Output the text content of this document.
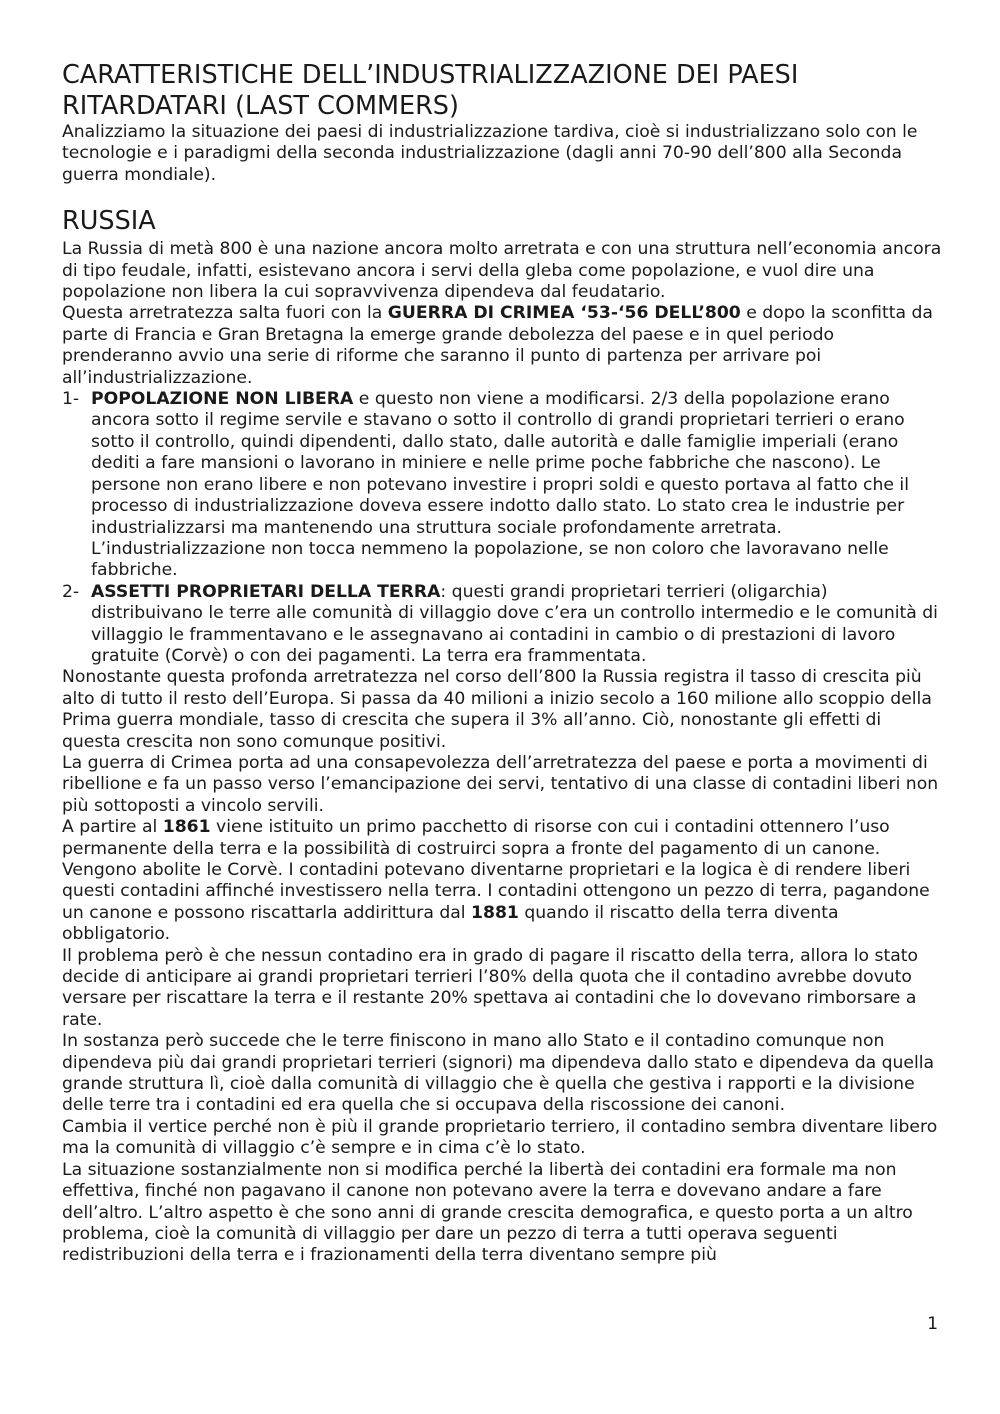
CARATTERISTICHE DELL’INDUSTRIALIZZAZIONE DEI PAESI RITARDATARI (LAST COMMERS)

Analizziamo la situazione dei paesi di industrializzazione tardiva, cioè si industrializzano solo con le tecnologie e i paradigmi della seconda industrializzazione (dagli anni 70-90 dell’800 alla Seconda guerra mondiale).

RUSSIA

La Russia di metà 800 è una nazione ancora molto arretrata e con una struttura nell’economia ancora di tipo feudale, infatti, esistevano ancora i servi della gleba come popolazione, e vuol dire una popolazione non libera la cui sopravvivenza dipendeva dal feudatario.

Questa arretratezza salta fuori con la GUERRA DI CRIMEA ‘53-‘56 DELL’800 e dopo la sconfitta da parte di Francia e Gran Bretagna la emerge grande debolezza del paese e in quel periodo prenderanno avvio una serie di riforme che saranno il punto di partenza per arrivare poi all’industrializzazione.

1- POPOLAZIONE NON LIBERA e questo non viene a modificarsi. 2/3 della popolazione erano ancora sotto il regime servile e stavano o sotto il controllo di grandi proprietari terrieri o erano sotto il controllo, quindi dipendenti, dallo stato, dalle autorità e dalle famiglie imperiali (erano dediti a fare mansioni o lavorano in miniere e nelle prime poche fabbriche che nascono). Le persone non erano libere e non potevano investire i propri soldi e questo portava al fatto che il processo di industrializzazione doveva essere indotto dallo stato. Lo stato crea le industrie per industrializzarsi ma mantenendo una struttura sociale profondamente arretrata. L’industrializzazione non tocca nemmeno la popolazione, se non coloro che lavoravano nelle fabbriche.
2- ASSETTI PROPRIETARI DELLA TERRA: questi grandi proprietari terrieri (oligarchia) distribuivano le terre alle comunità di villaggio dove c’era un controllo intermedio e le comunità di villaggio le frammentavano e le assegnavano ai contadini in cambio o di prestazioni di lavoro gratuite (Corvè) o con dei pagamenti. La terra era frammentata.

Nonostante questa profonda arretratezza nel corso dell’800 la Russia registra il tasso di crescita più alto di tutto il resto dell’Europa. Si passa da 40 milioni a inizio secolo a 160 milione allo scoppio della Prima guerra mondiale, tasso di crescita che supera il 3% all’anno. Ciò, nonostante gli effetti di questa crescita non sono comunque positivi.

La guerra di Crimea porta ad una consapevolezza dell’arretratezza del paese e porta a movimenti di ribellione e fa un passo verso l’emancipazione dei servi, tentativo di una classe di contadini liberi non più sottoposti a vincolo servili.

A partire al 1861 viene istituito un primo pacchetto di risorse con cui i contadini ottennero l’uso permanente della terra e la possibilità di costruirci sopra a fronte del pagamento di un canone. Vengono abolite le Corvè. I contadini potevano diventarne proprietari e la logica è di rendere liberi questi contadini affinché investissero nella terra. I contadini ottengono un pezzo di terra, pagandone un canone e possono riscattarla addirittura dal 1881 quando il riscatto della terra diventa obbligatorio.

Il problema però è che nessun contadino era in grado di pagare il riscatto della terra, allora lo stato decide di anticipare ai grandi proprietari terrieri l’80% della quota che il contadino avrebbe dovuto versare per riscattare la terra e il restante 20% spettava ai contadini che lo dovevano rimborsare a rate.

In sostanza però succede che le terre finiscono in mano allo Stato e il contadino comunque non dipendeva più dai grandi proprietari terrieri (signori) ma dipendeva dallo stato e dipendeva da quella grande struttura lì, cioè dalla comunità di villaggio che è quella che gestiva i rapporti e la divisione delle terre tra i contadini ed era quella che si occupava della riscossione dei canoni.

Cambia il vertice perché non è più il grande proprietario terriero, il contadino sembra diventare libero ma la comunità di villaggio c’è sempre e in cima c’è lo stato.

La situazione sostanzialmente non si modifica perché la libertà dei contadini era formale ma non effettiva, finché non pagavano il canone non potevano avere la terra e dovevano andare a fare dell’altro. L’altro aspetto è che sono anni di grande crescita demografica, e questo porta a un altro problema, cioè la comunità di villaggio per dare un pezzo di terra a tutti operava seguenti redistribuzioni della terra e i frazionamenti della terra diventano sempre più

1
